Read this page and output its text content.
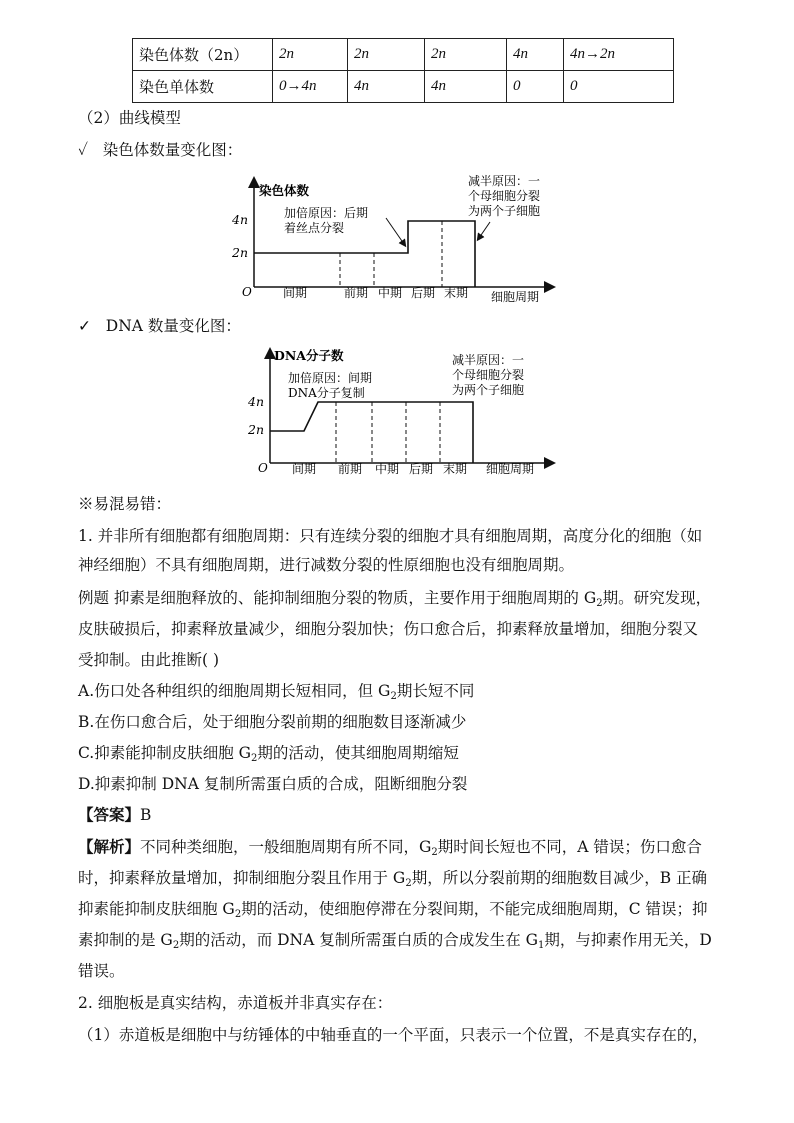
染色体数（2n）	2n	2n	2n	4n	4n→2n
染色单体数	0→4n	4n	4n	0	0
（2）曲线模型
✓ 染色体数量变化图：
染色体数
4n
2n
O	间期	前期 中期 后期 末期 细胞周期
加倍原因：后期
着丝点分裂
减半原因：一
个母细胞分裂
为两个子细胞
✓ DNA 数量变化图：
DNA分子数
4n
2n
O 间期 前期 中期 后期 末期 细胞周期
加倍原因：间期
DNA分子复制
减半原因：一
个母细胞分裂
为两个子细胞
※易混易错：
1. 并非所有细胞都有细胞周期：只有连续分裂的细胞才具有细胞周期，高度分化的细胞（如
神经细胞）不具有细胞周期，进行减数分裂的性原细胞也没有细胞周期。
例题 抑素是细胞释放的、能抑制细胞分裂的物质，主要作用于细胞周期的 $G_2$期。研究发现，
皮肤破损后，抑素释放量减少，细胞分裂加快；伤口愈合后，抑素释放量增加，细胞分裂又
受抑制。由此推断( )
A.伤口处各种组织的细胞周期长短相同，但 $G_2$期长短不同
B.在伤口愈合后，处于细胞分裂前期的细胞数目逐渐减少
C.抑素能抑制皮肤细胞 $G_2$期的活动，使其细胞周期缩短
D.抑素抑制 DNA 复制所需蛋白质的合成，阻断细胞分裂
【答案】B
【解析】不同种类细胞，一般细胞周期有所不同，$G_2$期时间长短也不同，A 错误；伤口愈合
时，抑素释放量增加，抑制细胞分裂且作用于 $G_2$期，所以分裂前期的细胞数目减少，B 正确
抑素能抑制皮肤细胞 $G_2$期的活动，使细胞停滞在分裂间期，不能完成细胞周期，C 错误；抑
素抑制的是 $G_2$期的活动，而 DNA 复制所需蛋白质的合成发生在 $G_1$期，与抑素作用无关，D
错误。
2. 细胞板是真实结构，赤道板并非真实存在：
（1）赤道板是细胞中与纺锤体的中轴垂直的一个平面，只表示一个位置，不是真实存在的，
